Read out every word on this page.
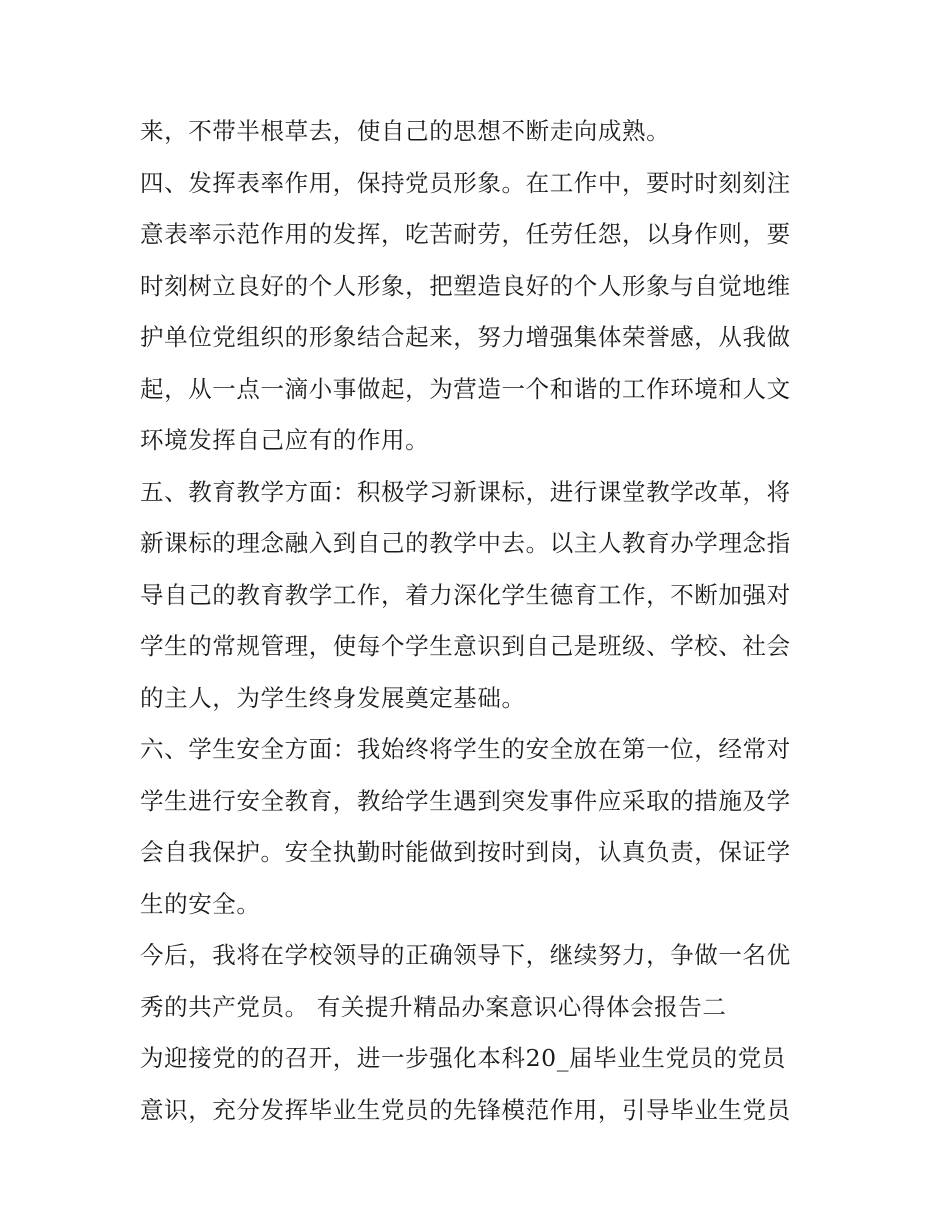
来，不带半根草去，使自己的思想不断走向成熟。
四、发挥表率作用，保持党员形象。在工作中，要时时刻刻注
意表率示范作用的发挥，吃苦耐劳，任劳任怨，以身作则，要
时刻树立良好的个人形象，把塑造良好的个人形象与自觉地维
护单位党组织的形象结合起来，努力增强集体荣誉感，从我做
起，从一点一滴小事做起，为营造一个和谐的工作环境和人文
环境发挥自己应有的作用。
五、教育教学方面：积极学习新课标，进行课堂教学改革，将
新课标的理念融入到自己的教学中去。以主人教育办学理念指
导自己的教育教学工作，着力深化学生德育工作，不断加强对
学生的常规管理，使每个学生意识到自己是班级、学校、社会
的主人，为学生终身发展奠定基础。
六、学生安全方面：我始终将学生的安全放在第一位，经常对
学生进行安全教育，教给学生遇到突发事件应采取的措施及学
会自我保护。安全执勤时能做到按时到岗，认真负责，保证学
生的安全。
今后，我将在学校领导的正确领导下，继续努力，争做一名优
秀的共产党员。 有关提升精品办案意识心得体会报告二
为迎接党的的召开，进一步强化本科20_届毕业生党员的党员
意识，充分发挥毕业生党员的先锋模范作用，引导毕业生党员
